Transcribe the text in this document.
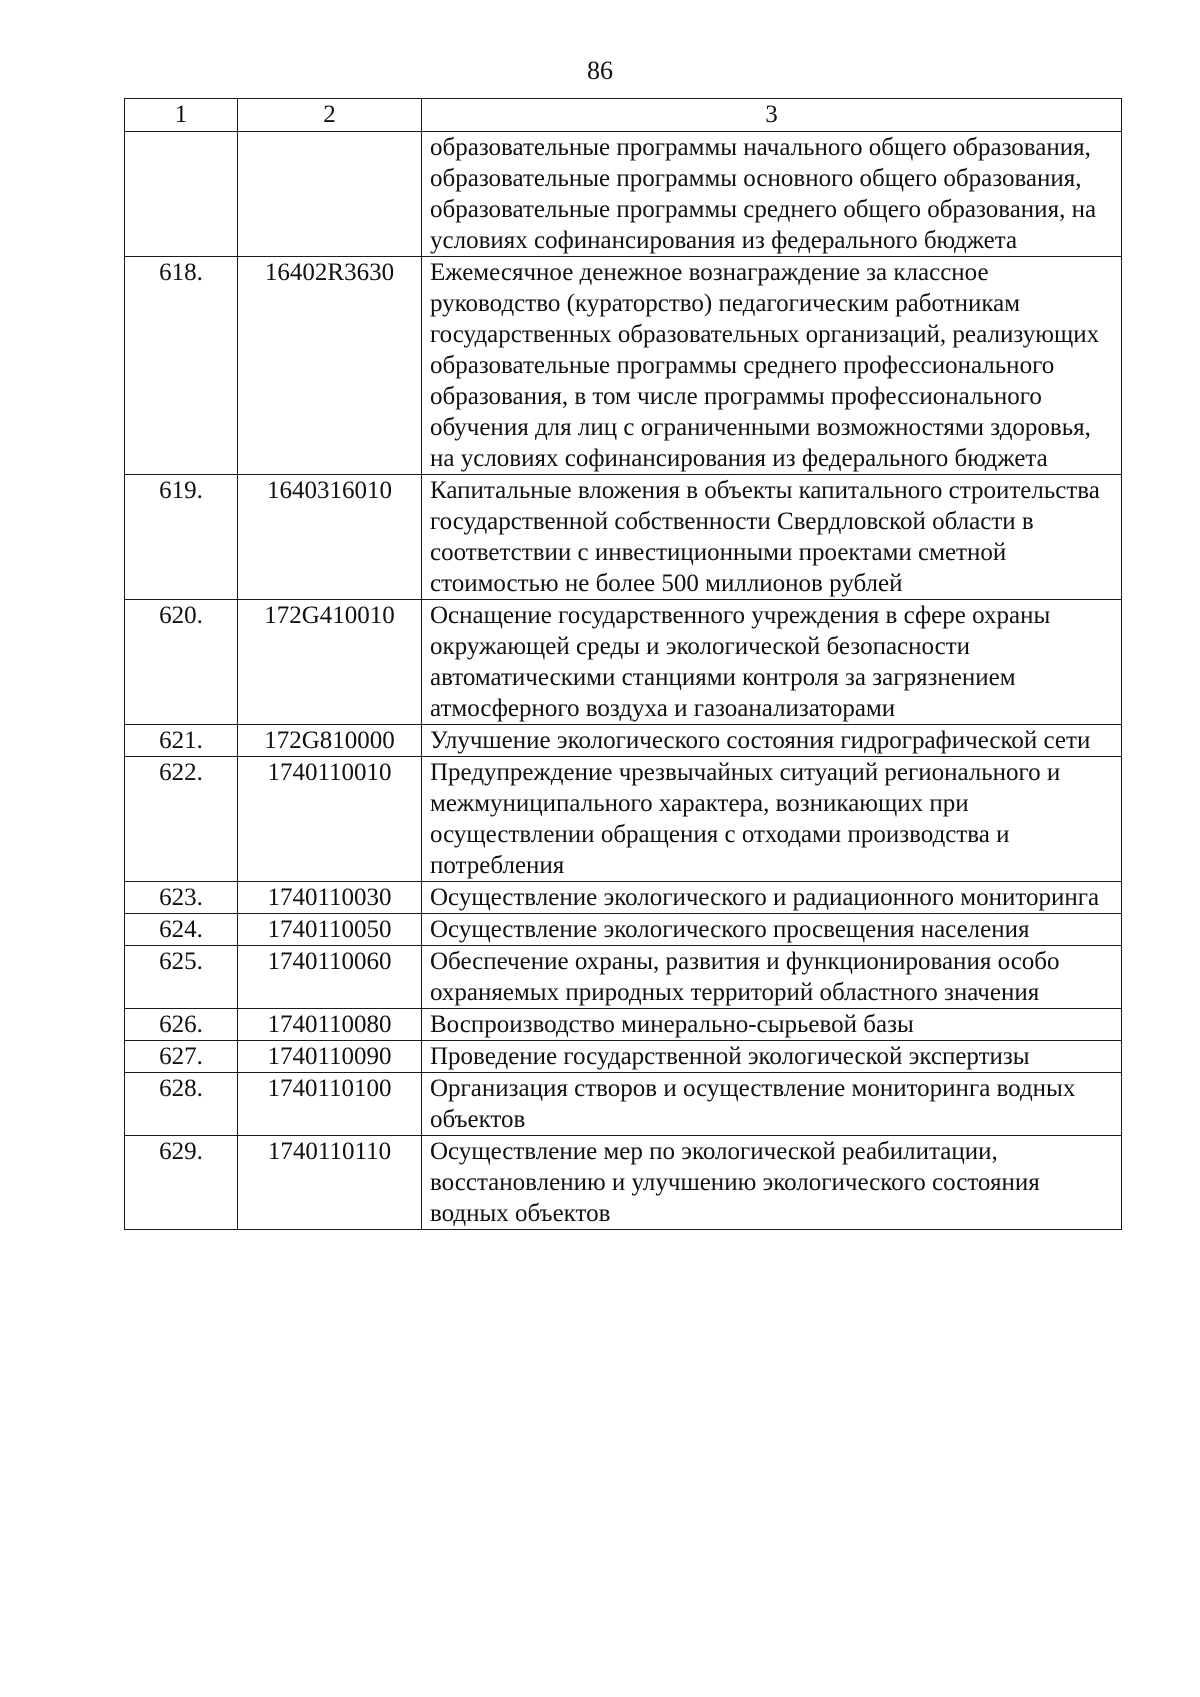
86
1	2	3
		образовательные программы начального общего образования, образовательные программы основного общего образования, образовательные программы среднего общего образования, на условиях софинансирования из федерального бюджета
618.	16402R3630	Ежемесячное денежное вознаграждение за классное руководство (кураторство) педагогическим работникам государственных образовательных организаций, реализующих образовательные программы среднего профессионального образования, в том числе программы профессионального обучения для лиц с ограниченными возможностями здоровья, на условиях софинансирования из федерального бюджета
619.	1640316010	Капитальные вложения в объекты капитального строительства государственной собственности Свердловской области в соответствии с инвестиционными проектами сметной стоимостью не более 500 миллионов рублей
620.	172G410010	Оснащение государственного учреждения в сфере охраны окружающей среды и экологической безопасности автоматическими станциями контроля за загрязнением атмосферного воздуха и газоанализаторами
621.	172G810000	Улучшение экологического состояния гидрографической сети
622.	1740110010	Предупреждение чрезвычайных ситуаций регионального и межмуниципального характера, возникающих при осуществлении обращения с отходами производства и потребления
623.	1740110030	Осуществление экологического и радиационного мониторинга
624.	1740110050	Осуществление экологического просвещения населения
625.	1740110060	Обеспечение охраны, развития и функционирования особо охраняемых природных территорий областного значения
626.	1740110080	Воспроизводство минерально-сырьевой базы
627.	1740110090	Проведение государственной экологической экспертизы
628.	1740110100	Организация створов и осуществление мониторинга водных объектов
629.	1740110110	Осуществление мер по экологической реабилитации, восстановлению и улучшению экологического состояния водных объектов
